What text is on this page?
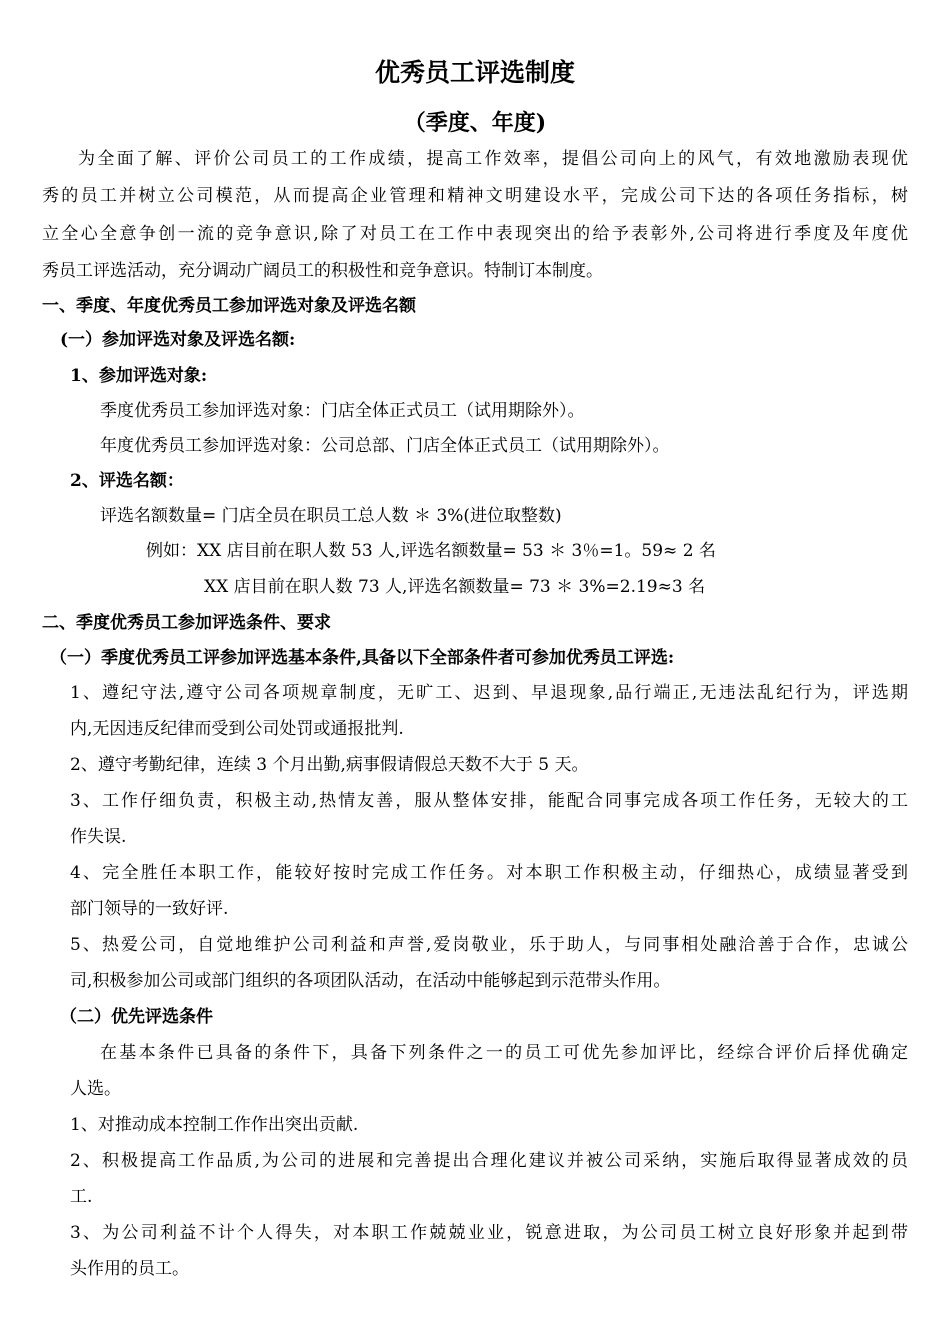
优秀员工评选制度
（季度、年度)
为全面了解、评价公司员工的工作成绩，提高工作效率，提倡公司向上的风气，有效地激励表现优
秀的员工并树立公司模范，从而提高企业管理和精神文明建设水平，完成公司下达的各项任务指标，树
立全心全意争创一流的竞争意识,除了对员工在工作中表现突出的给予表彰外,公司将进行季度及年度优
秀员工评选活动，充分调动广阔员工的积极性和竞争意识。特制订本制度。
一、季度、年度优秀员工参加评选对象及评选名额
(一）参加评选对象及评选名额:
1、参加评选对象:
季度优秀员工参加评选对象：门店全体正式员工（试用期除外）。
年度优秀员工参加评选对象：公司总部、门店全体正式员工（试用期除外）。
2、评选名额：
评选名额数量= 门店全员在职员工总人数 ＊ 3%(进位取整数)
例如：XX 店目前在职人数 53 人,评选名额数量= 53 ＊ 3％=1。59≈ 2 名
XX 店目前在职人数 73 人,评选名额数量= 73 ＊ 3%=2.19≈3 名
二、季度优秀员工参加评选条件、要求
（一）季度优秀员工评参加评选基本条件,具备以下全部条件者可参加优秀员工评选:
1、遵纪守法,遵守公司各项规章制度，无旷工、迟到、早退现象,品行端正,无违法乱纪行为，评选期
内,无因违反纪律而受到公司处罚或通报批判.
2、遵守考勤纪律，连续 3 个月出勤,病事假请假总天数不大于 5 天。
3、工作仔细负责，积极主动,热情友善，服从整体安排，能配合同事完成各项工作任务，无较大的工
作失误.
4、完全胜任本职工作，能较好按时完成工作任务。对本职工作积极主动，仔细热心，成绩显著受到
部门领导的一致好评.
5、热爱公司，自觉地维护公司利益和声誉,爱岗敬业，乐于助人，与同事相处融洽善于合作，忠诚公
司,积极参加公司或部门组织的各项团队活动，在活动中能够起到示范带头作用。
（二）优先评选条件
在基本条件已具备的条件下，具备下列条件之一的员工可优先参加评比，经综合评价后择优确定
人选。
1、对推动成本控制工作作出突出贡献.
2、积极提高工作品质,为公司的进展和完善提出合理化建议并被公司采纳，实施后取得显著成效的员
工.
3、为公司利益不计个人得失，对本职工作兢兢业业，锐意进取，为公司员工树立良好形象并起到带
头作用的员工。
